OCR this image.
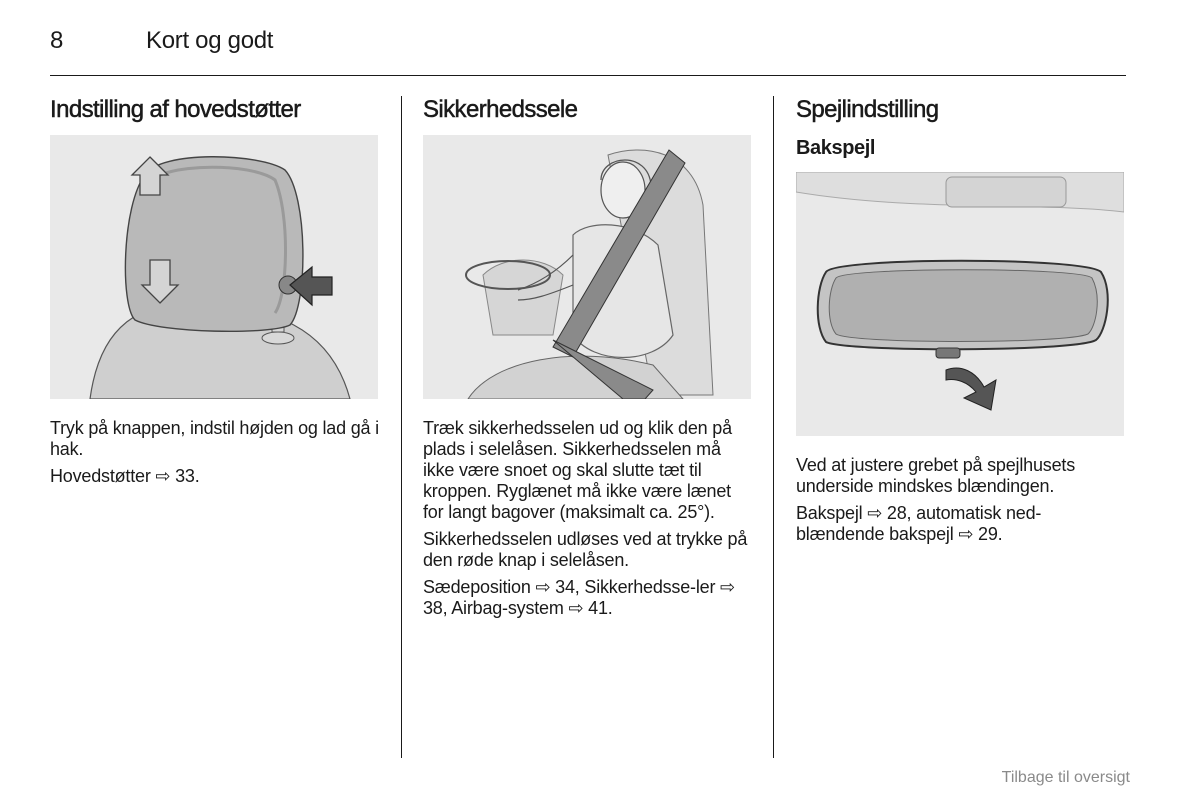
8	Kort og godt
Indstilling af hovedstøtter

Tryk på knappen, indstil højden og lad gå i hak.

Hovedstøtter ⇨ 33.

Sikkerhedssele

Træk sikkerhedsselen ud og klik den på plads i selelåsen. Sikkerhedsselen må ikke være snoet og skal slutte tæt til kroppen. Ryglænet må ikke være lænet for langt bagover (maksimalt ca. 25°).

Sikkerhedsselen udløses ved at trykke på den røde knap i selelåsen.

Sædeposition ⇨ 34, Sikkerhedsse-ler ⇨ 38, Airbag-system ⇨ 41.

Spejlindstilling
Bakspejl

Ved at justere grebet på spejlhusets underside mindskes blændingen.

Bakspejl ⇨ 28, automatisk ned-blændende bakspejl ⇨ 29.

Tilbage til oversigt
